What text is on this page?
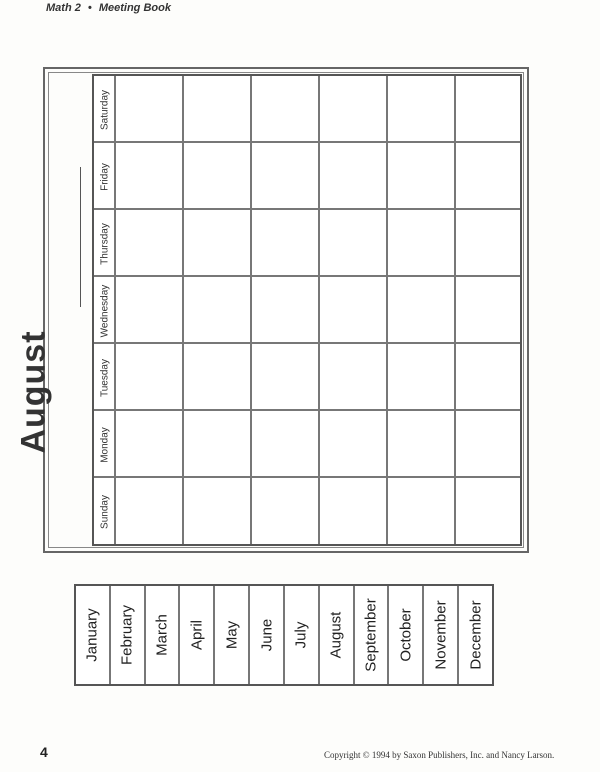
Math 2 • Meeting Book
August
Saturday
Friday
Thursday
Wednesday
Tuesday
Monday
Sunday
January February March April May June July August September October November December
4	Copyright © 1994 by Saxon Publishers, Inc. and Nancy Larson.
